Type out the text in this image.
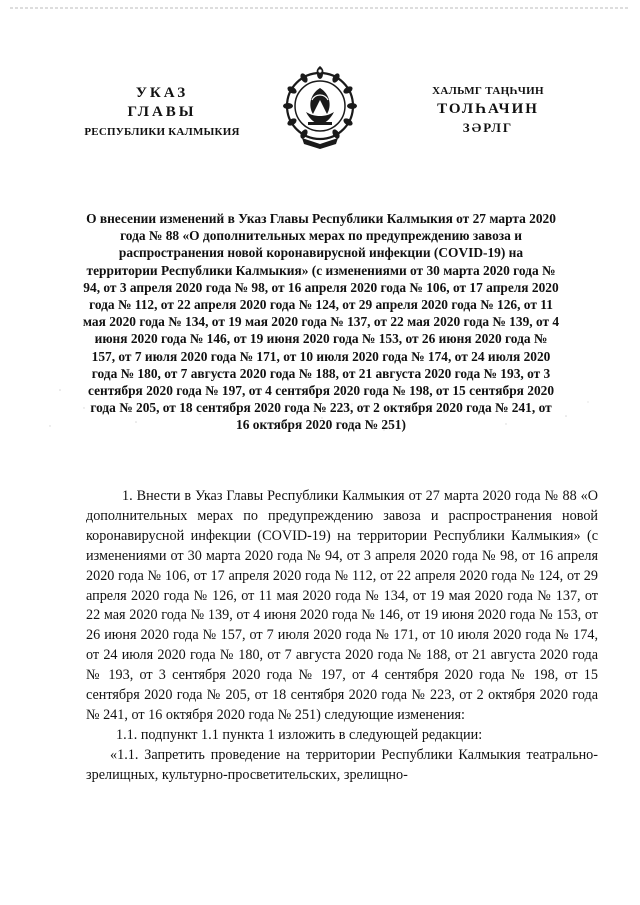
УКАЗ
ГЛАВЫ
РЕСПУБЛИКИ КАЛМЫКИЯ
ХАЛЬМГ ТАҢҺЧИН
ТОЛҺАЧИН
ЗӘРЛГ
О внесении изменений в Указ Главы Республики Калмыкия от 27 марта 2020 года № 88 «О дополнительных мерах по предупреждению завоза и распространения новой коронавирусной инфекции (COVID-19) на территории Республики Калмыкия» (с изменениями от 30 марта 2020 года № 94, от 3 апреля 2020 года № 98, от 16 апреля 2020 года № 106, от 17 апреля 2020 года № 112, от 22 апреля 2020 года № 124, от 29 апреля 2020 года № 126, от 11 мая 2020 года № 134, от 19 мая 2020 года № 137, от 22 мая 2020 года № 139, от 4 июня 2020 года № 146, от 19 июня 2020 года № 153, от 26 июня 2020 года № 157, от 7 июля 2020 года № 171, от 10 июля 2020 года № 174, от 24 июля 2020 года № 180, от 7 августа 2020 года № 188, от 21 августа 2020 года № 193, от 3 сентября 2020 года № 197, от 4 сентября 2020 года № 198, от 15 сентября 2020 года № 205, от 18 сентября 2020 года № 223, от 2 октября 2020 года № 241, от 16 октября 2020 года № 251)

1. Внести в Указ Главы Республики Калмыкия от 27 марта 2020 года № 88 «О дополнительных мерах по предупреждению завоза и распространения новой коронавирусной инфекции (COVID-19) на территории Республики Калмыкия» (с изменениями от 30 марта 2020 года № 94, от 3 апреля 2020 года № 98, от 16 апреля 2020 года № 106, от 17 апреля 2020 года № 112, от 22 апреля 2020 года № 124, от 29 апреля 2020 года № 126, от 11 мая 2020 года № 134, от 19 мая 2020 года № 137, от 22 мая 2020 года № 139, от 4 июня 2020 года № 146, от 19 июня 2020 года № 153, от 26 июня 2020 года № 157, от 7 июля 2020 года № 171, от 10 июля 2020 года № 174, от 24 июля 2020 года № 180, от 7 августа 2020 года № 188, от 21 августа 2020 года № 193, от 3 сентября 2020 года № 197, от 4 сентября 2020 года № 198, от 15 сентября 2020 года № 205, от 18 сентября 2020 года № 223, от 2 октября 2020 года № 241, от 16 октября 2020 года № 251) следующие изменения:

1.1. подпункт 1.1 пункта 1 изложить в следующей редакции:

«1.1. Запретить проведение на территории Республики Калмыкия театрально-зрелищных, культурно-просветительских, зрелищно-
